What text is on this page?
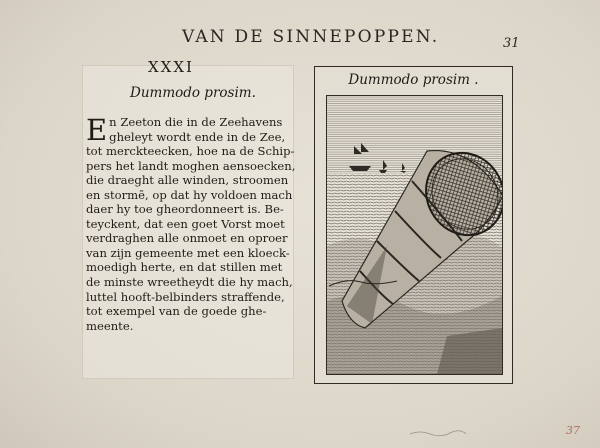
VAN DE SINNEPOPPEN.	31
XXXI
Dummodo prosim.
E n Zeeton die in de Zeehavens
gheleyt wordt ende in de Zee,
tot merckteecken, hoe na de Schip-
pers het landt moghen aensoecken,
die draeght alle winden, stroomen
en stormē, op dat hy voldoen mach
daer hy toe gheordonneert is. Be-
teyckent, dat een goet Vorst moet
verdraghen alle onmoet en oproer
van zijn gemeente met een kloeck-
moedigh herte, en dat stillen met
de minste wreetheydt die hy mach,
luttel hooft-belbinders straffende,
tot exempel van de goede ghe-
meente.
Dummodo prosim .
37
